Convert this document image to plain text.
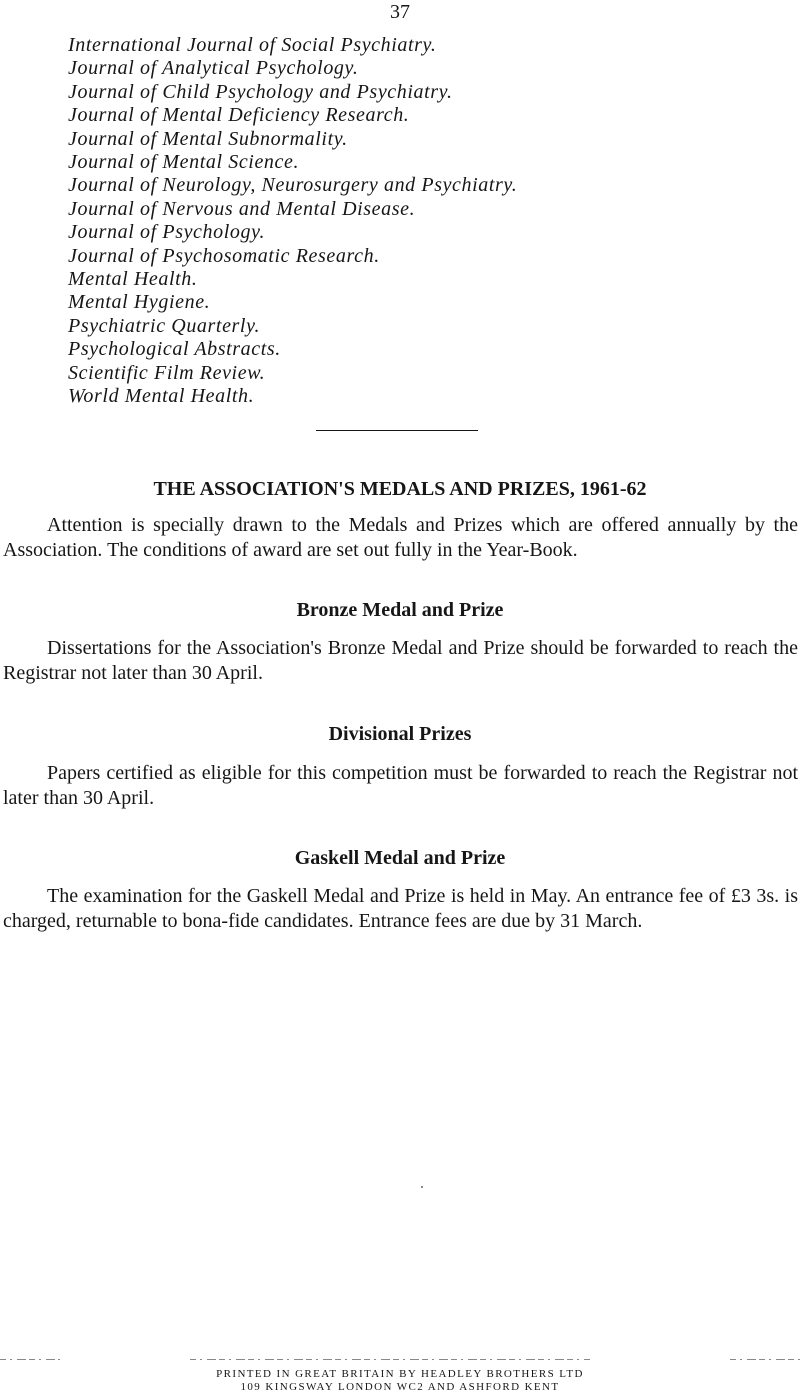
37
International Journal of Social Psychiatry.
Journal of Analytical Psychology.
Journal of Child Psychology and Psychiatry.
Journal of Mental Deficiency Research.
Journal of Mental Subnormality.
Journal of Mental Science.
Journal of Neurology, Neurosurgery and Psychiatry.
Journal of Nervous and Mental Disease.
Journal of Psychology.
Journal of Psychosomatic Research.
Mental Health.
Mental Hygiene.
Psychiatric Quarterly.
Psychological Abstracts.
Scientific Film Review.
World Mental Health.
THE ASSOCIATION'S MEDALS AND PRIZES, 1961-62

Attention is specially drawn to the Medals and Prizes which are offered annually by the Association. The conditions of award are set out fully in the Year-Book.

Bronze Medal and Prize

Dissertations for the Association's Bronze Medal and Prize should be forwarded to reach the Registrar not later than 30 April.

Divisional Prizes

Papers certified as eligible for this competition must be forwarded to reach the Registrar not later than 30 April.

Gaskell Medal and Prize

The examination for the Gaskell Medal and Prize is held in May. An entrance fee of £3 3s. is charged, returnable to bona-fide candidates. Entrance fees are due by 31 March.

PRINTED IN GREAT BRITAIN BY HEADLEY BROTHERS LTD
109 KINGSWAY LONDON WC2 AND ASHFORD KENT
